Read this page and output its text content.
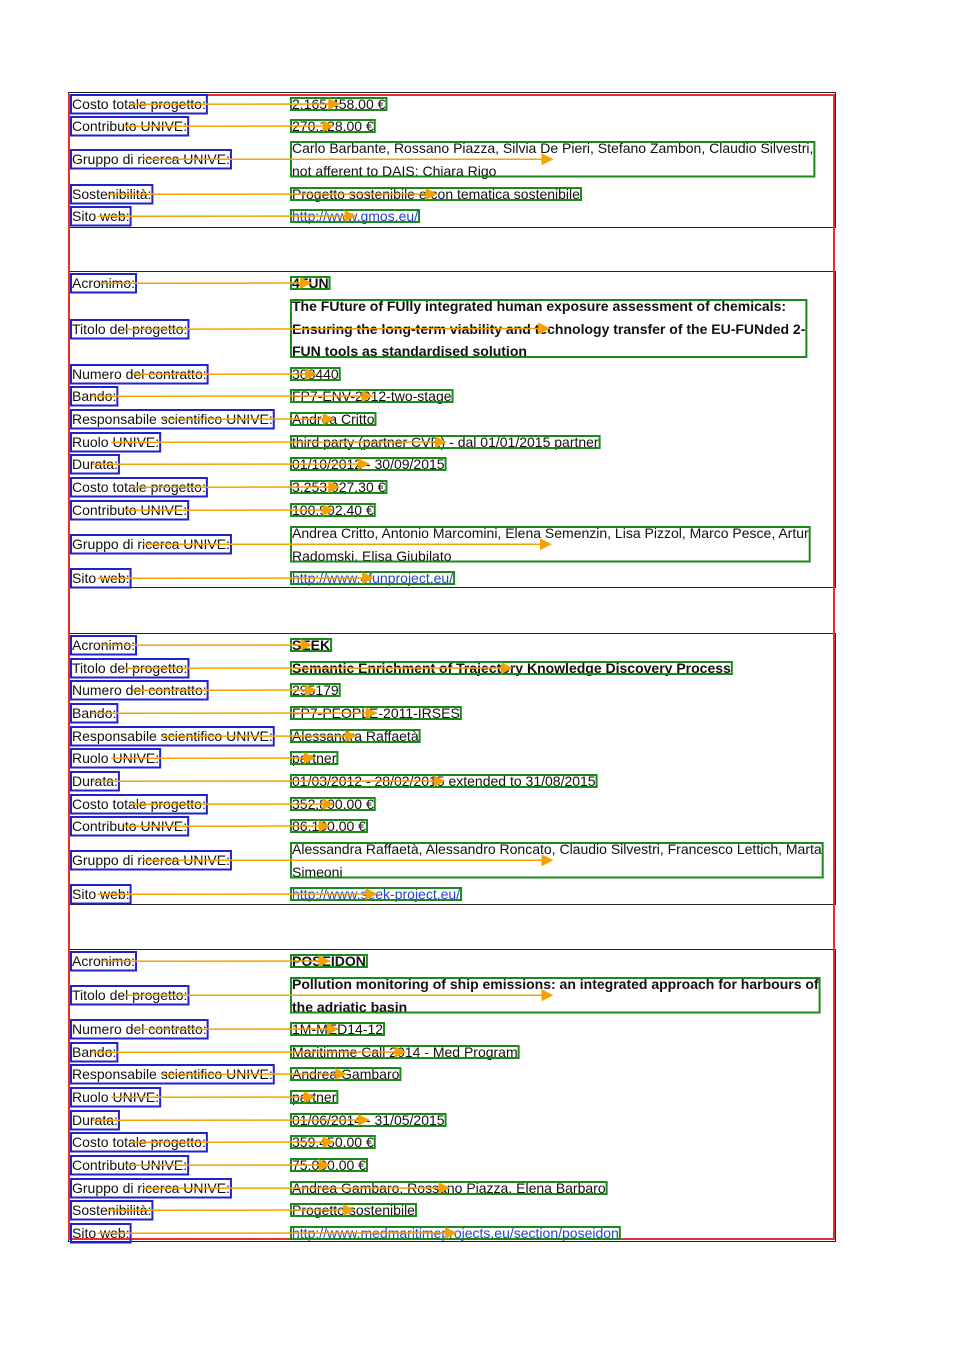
Costo totale progetto:	2.165.458,00 €
Contributo UNIVE:	270.128,00 €
Gruppo di ricerca UNIVE:
Carlo Barbante, Rossano Piazza, Silvia De Pieri, Stefano Zambon, Claudio Silvestri, not afferent to DAIS: Chiara Rigo
Sostenibilità:	Progetto sostenibile e con tematica sostenibile
Sito web:	http://www.gmos.eu/
Acronimo:	4FUN
Titolo del progetto:
The FUture of FUlly integrated human exposure assessment of chemicals: Ensuring the long-term viability and technology transfer of the EU-FUNded 2-FUN tools as standardised solution
Numero del contratto:	308440
Bando:	FP7-ENV-2012-two-stage
Responsabile scientifico UNIVE: Andrea Critto
Ruolo UNIVE:	third party (partner CVR) - dal 01/01/2015 partner
Durata:	01/10/2012 - 30/09/2015
Costo totale progetto:	3.253.027,30 €
Contributo UNIVE:	100.902,40 €
Gruppo di ricerca UNIVE:
Andrea Critto, Antonio Marcomini, Elena Semenzin, Lisa Pizzol, Marco Pesce, Artur Radomski, Elisa Giubilato
Sito web:	http://www.4funproject.eu/
Acronimo:	SEEK
Titolo del progetto:	Semantic Enrichment of Trajectory Knowledge Discovery Process
Numero del contratto:	295179
Bando:	FP7-PEOPLE-2011-IRSES
Responsabile scientifico UNIVE: Alessandra Raffaetà
Ruolo UNIVE:	partner
Durata:	01/03/2012 - 28/02/2015 extended to 31/08/2015
Costo totale progetto:	352.800,00 €
Contributo UNIVE:	86.100,00 €
Gruppo di ricerca UNIVE:
Alessandra Raffaetà, Alessandro Roncato, Claudio Silvestri, Francesco Lettich, Marta Simeoni
Sito web:	http://www.seek-project.eu/
Acronimo:	POSEIDON
Titolo del progetto:
Pollution monitoring of ship emissions: an integrated approach for harbours of the adriatic basin
Numero del contratto:	1M-MED14-12
Bando:	Maritimme Call 2014 - Med Program
Responsabile scientifico UNIVE: Andrea Gambaro
Ruolo UNIVE:	partner
Durata:	01/06/2014 - 31/05/2015
Costo totale progetto:	359.450,00 €
Contributo UNIVE:	75.000,00 €
Gruppo di ricerca UNIVE:	Andrea Gambaro, Rossano Piazza, Elena Barbaro
Sostenibilità:	Progetto sostenibile
Sito web:	http://www.medmaritimeprojects.eu/section/poseidon
